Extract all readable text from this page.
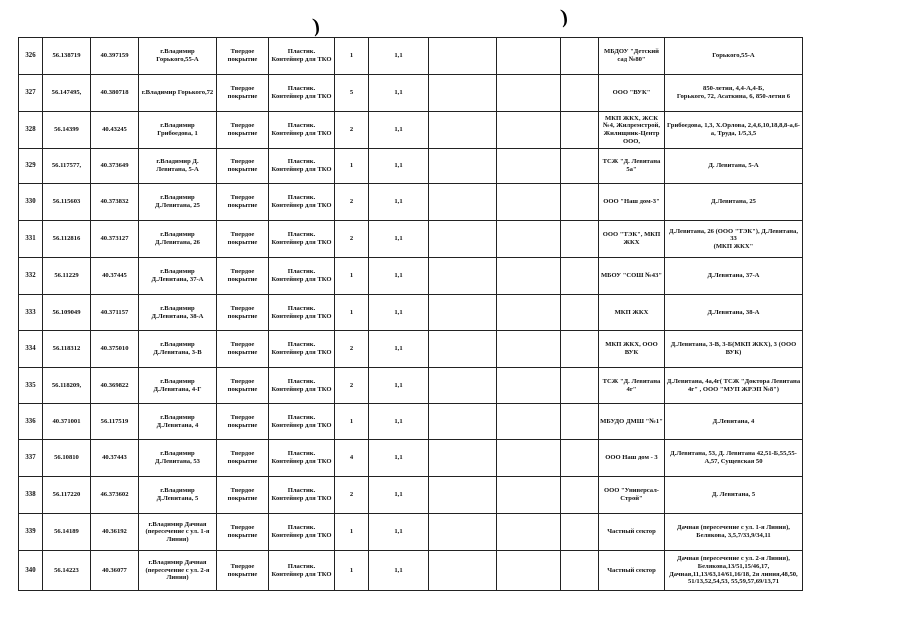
)	)
326	56.138719	40.397159	г.Владимир
Горького,55-А	Твердое
покрытие	Пластик.
Контейнер для ТКО	1	1,1				МБДОУ "Детский
сад №80"	Горького,55-А
327	56.147495,	40.380718	г.Владимир Горького,72	Твердое
покрытие	Пластик.
Контейнер для ТКО	5	1,1				ООО "ВУК"	850-летия, 4,4-А,4-Б,
Горького, 72, Асаткина, 6, 850-летия 6
328	56.14399	40.43245	г.Владимир
Грибоедова, 1	Твердое
покрытие	Пластик.
Контейнер для ТКО	2	1,1				МКП ЖКХ, ЖСК
№4, Жилремстрой,
Жилищник-Центр
ООО,	Грибоедова, 1,3, Х.Орлова, 2,4,6,10,18,8,8-а,6-
а, Труда, 1/5,3,5
329	56.117577,	40.373649	г.Владимир Д.
Левитана, 5-А	Твердое
покрытие	Пластик.
Контейнер для ТКО	1	1,1				ТСЖ "Д. Левитана
5а"	Д. Левитана, 5-А
330	56.115603	40.373832	г.Владимир
Д.Левитана, 25	Твердое
покрытие	Пластик.
Контейнер для ТКО	2	1,1				ООО "Наш дом-3"	Д.Левитана, 25
331	56.112816	40.373127	г.Владимир
Д.Левитана, 26	Твердое
покрытие	Пластик.
Контейнер для ТКО	2	1,1				ООО "ТЭК", МКП
ЖКХ	Д.Левитана, 26 (ООО "ТЭК"), Д.Левитана, 33
(МКП ЖКХ"
332	56.11229	40.37445	г.Владимир
Д.Левитана, 37-А	Твердое
покрытие	Пластик.
Контейнер для ТКО	1	1,1				МБОУ "СОШ №43"	Д.Левитана, 37-А
333	56.109049	40.371157	г.Владимир
Д.Левитана, 38-А	Твердое
покрытие	Пластик.
Контейнер для ТКО	1	1,1				МКП ЖКХ	Д.Левитана, 38-А
334	56.118312	40.375010	г.Владимир
Д.Левитана, 3-В	Твердое
покрытие	Пластик.
Контейнер для ТКО	2	1,1				МКП ЖКХ, ООО
ВУК	Д.Левитана, 3-В, 3-Б(МКП ЖКХ), 3 (ООО
ВУК)
335	56.118209,	40.369822	г.Владимир
Д.Левитана, 4-Г	Твердое
покрытие	Пластик.
Контейнер для ТКО	2	1,1				ТСЖ "Д. Левитана
4г"	Д.Левитана, 4а,4г( ТСЖ "Доктора Левитана
4г" , ООО "МУП ЖРЭП №8")
336	40.371001	56.117519	г.Владимир
Д.Левитана, 4	Твердое
покрытие	Пластик.
Контейнер для ТКО	1	1,1				МБУДО ДМШ "№1"	Д.Левитана, 4
337	56.10810	40.37443	г.Владимир
Д.Левитана, 53	Твердое
покрытие	Пластик.
Контейнер для ТКО	4	1,1				ООО Наш дом - 3	Д.Левитана, 53, Д. Левитана 42,51-Б,55,55-
А,57, Сущевская 50
338	56.117220	46.373602	г.Владимир
Д.Левитана, 5	Твердое
покрытие	Пластик.
Контейнер для ТКО	2	1,1				ООО "Универсал-
Строй"	Д. Левитана, 5
339	56.14189	40.36192	г.Владимир Дачная
(пересечение с ул. 1-я
Линия)	Твердое
покрытие	Пластик.
Контейнер для ТКО	1	1,1				Частный сектор	Дачная (пересечение с ул. 1-я Линия),
Белякова, 3,5,7/33,9/34,11
340	56.14223	40.36077	г.Владимир Дачная
(пересечение с ул. 2-я
Линия)	Твердое
покрытие	Пластик.
Контейнер для ТКО	1	1,1				Частный сектор	Дачная (пересечение с ул. 2-я Линия),
Белякова,13/51,15/46,17,
Дачная,11,13/63,14/61,16/18, 2я линия,48,50,
51/13,52,54,53, 55,59,57,69/13,71
